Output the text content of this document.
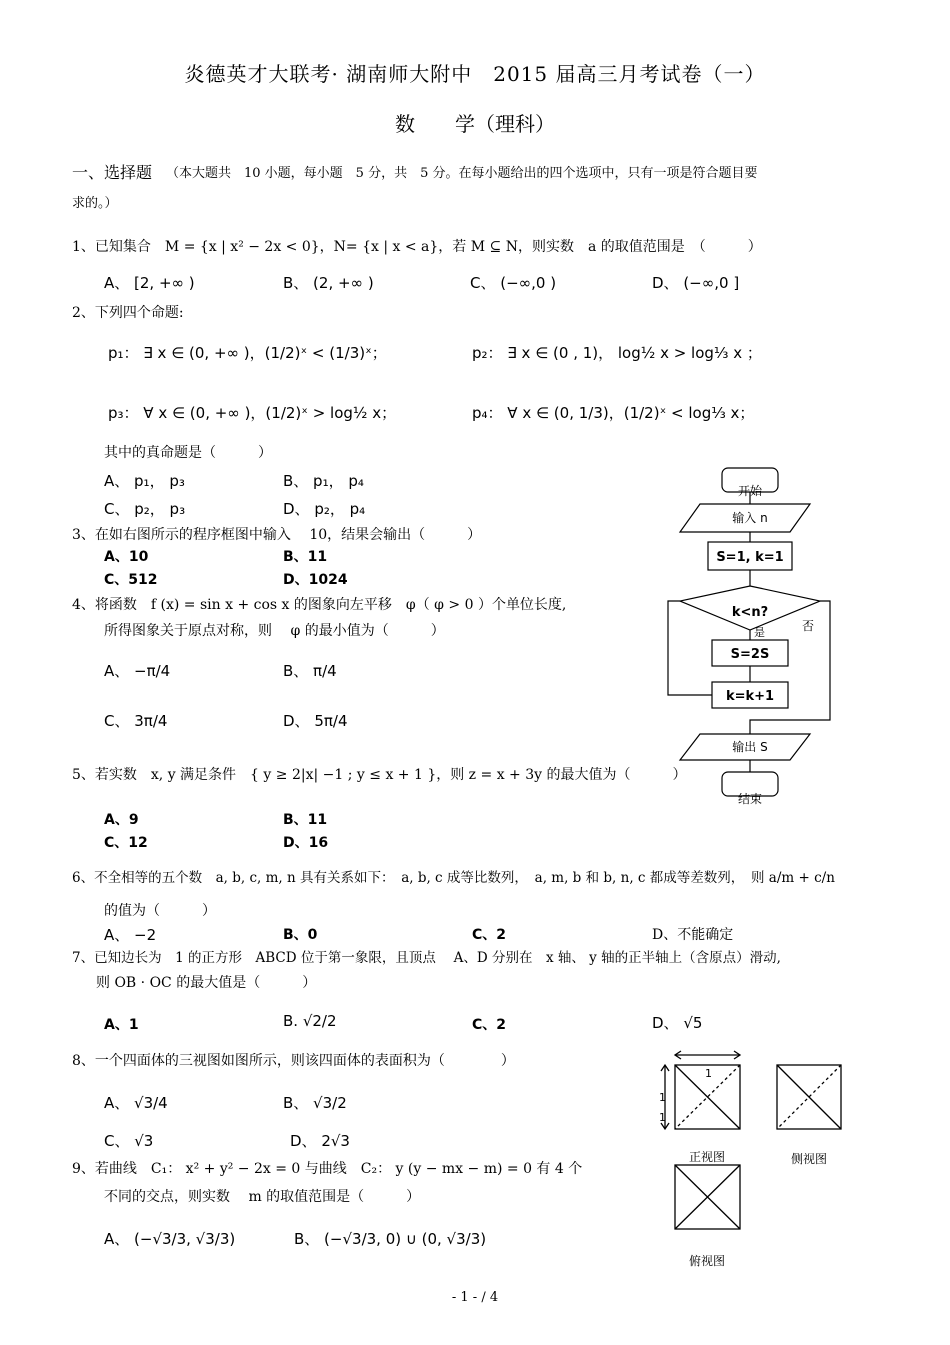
炎德英才大联考· 湖南师大附中　2015 届高三月考试卷（一）
数　　学（理科）
一、选择题 （本大题共　10 小题，每小题　5 分，共　5 分。在每小题给出的四个选项中，只有一项是符合题目要
求的。）
1、已知集合　M = {x | x² − 2x < 0}，N= {x | x < a}，若 M ⊆ N，则实数　a 的取值范围是　（　　　）
A、 [2, +∞ )	B、 (2, +∞ )	C、 (−∞,0 )	D、 (−∞,0 ]
2、下列四个命题:
p₁： ∃ x ∈ (0, +∞ )，(1/2)ˣ < (1/3)ˣ；	p₂： ∃ x ∈ (0 , 1)， log½ x > log⅓ x ；
p₃： ∀ x ∈ (0, +∞ )，(1/2)ˣ > log½ x；	p₄： ∀ x ∈ (0, 1/3)，(1/2)ˣ < log⅓ x；
其中的真命题是（　　　）
A、 p₁， p₃	B、 p₁， p₄
C、 p₂， p₃	D、 p₂， p₄
3、在如右图所示的程序框图中输入　 10，结果会输出（　　　）
A、10	B、11
C、512	D、1024
4、将函数　f (x) = sin x + cos x 的图象向左平移　φ（ φ > 0 ）个单位长度,
所得图象关于原点对称，则　 φ 的最小值为（　　　）
A、 −π/4	B、 π/4
C、 3π/4	D、 5π/4
5、若实数　x, y 满足条件　{ y ≥ 2|x| −1 ; y ≤ x + 1 }，则 z = x + 3y 的最大值为（　　　）
A、9	B、11
C、12	D、16
6、不全相等的五个数　a, b, c, m, n 具有关系如下：　a, b, c 成等比数列，　a, m, b 和 b, n, c 都成等差数列，　则 a/m + c/n
的值为（　　　）
A、 −2	B、0	C、2	D、不能确定
7、已知边长为　1 的正方形　ABCD 位于第一象限，且顶点　 A、D 分别在　x 轴、 y 轴的正半轴上（含原点）滑动,
则 OB · OC 的最大值是（　　　）
A、1	B. √2/2	C、2	D、 √5
8、一个四面体的三视图如图所示，则该四面体的表面积为（　　　　）
A、 √3/4	B、 √3/2
C、 √3	D、 2√3
9、若曲线　C₁： x² + y² − 2x = 0 与曲线　C₂： y (y − mx − m) = 0 有 4 个
不同的交点，则实数　 m 的取值范围是（　　　）
A、 (−√3/3, √3/3)	B、 (−√3/3, 0) ∪ (0, √3/3)
开始
输入 n
S=1, k=1
k<n?
是	否
S=2S
k=k+1
输出 S
结束
1
1
1
正视图	侧视图
俯视图
- 1 - / 4
